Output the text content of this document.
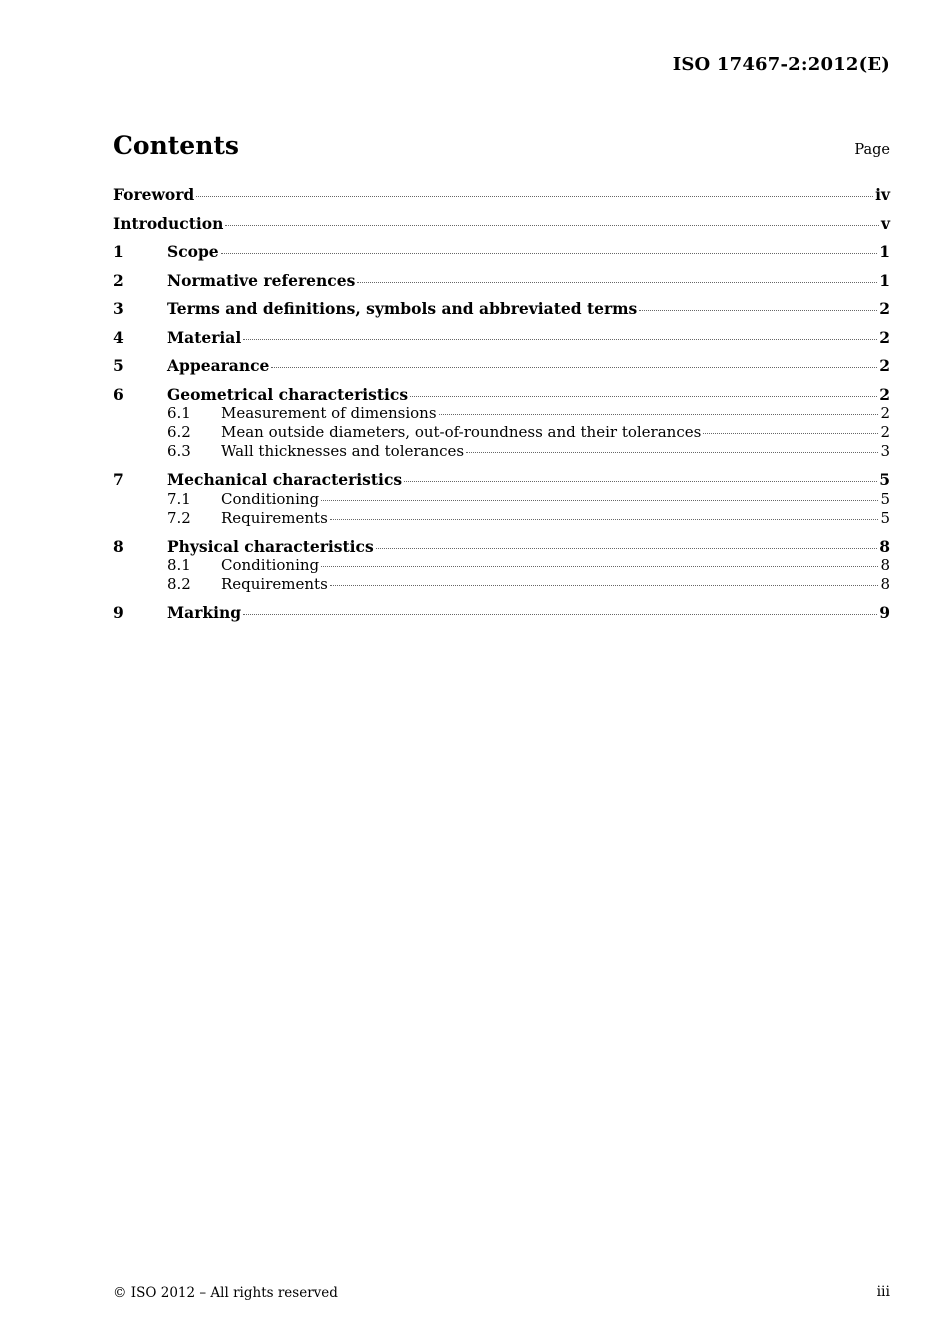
ISO 17467-2:2012(E)
Contents	Page
Foreword	iv
Introduction	v
1	Scope	1
2	Normative references	1
3	Terms and definitions, symbols and abbreviated terms	2
4	Material	2
5	Appearance	2
6	Geometrical characteristics	2
6.1	Measurement of dimensions	2
6.2	Mean outside diameters, out-of-roundness and their tolerances	2
6.3	Wall thicknesses and tolerances	3
7	Mechanical characteristics	5
7.1	Conditioning	5
7.2	Requirements	5
8	Physical characteristics	8
8.1	Conditioning	8
8.2	Requirements	8
9	Marking	9
© ISO 2012 – All rights reserved	iii
